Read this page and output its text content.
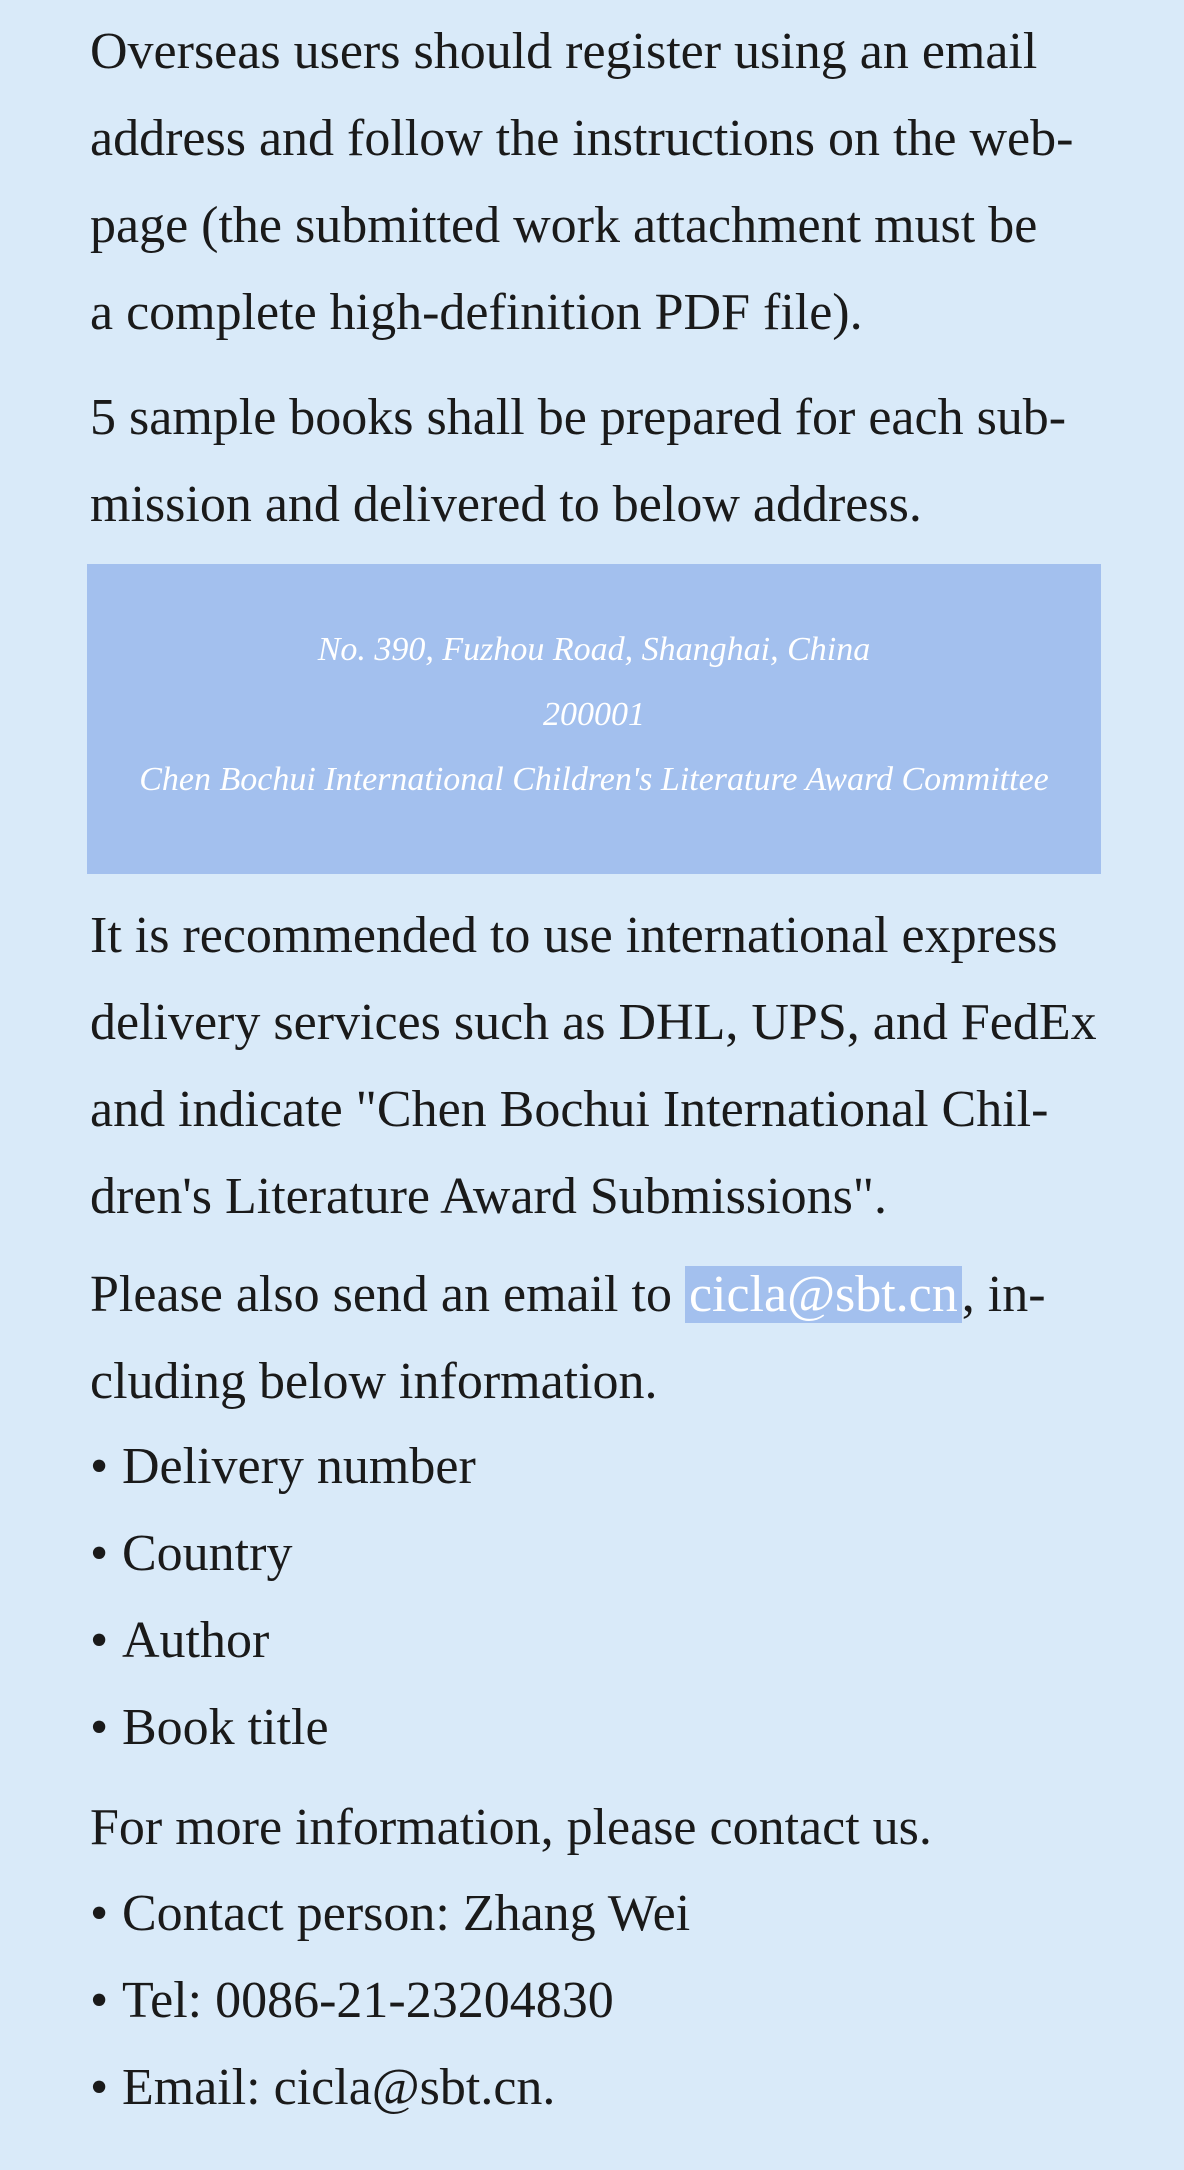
Overseas users should register using an email
address and follow the instructions on the web-
page (the submitted work attachment must be
a complete high-definition PDF file).

5 sample books shall be prepared for each sub-
mission and delivered to below address.

No. 390, Fuzhou Road, Shanghai, China
200001
Chen Bochui International Children's Literature Award Committee

It is recommended to use international express
delivery services such as DHL, UPS, and FedEx
and indicate "Chen Bochui International Chil-
dren's Literature Award Submissions".

Please also send an email to cicla@sbt.cn, in-
cluding below information.

• Delivery number
• Country
• Author
• Book title

For more information, please contact us.

• Contact person: Zhang Wei
• Tel: 0086-21-23204830
• Email: cicla@sbt.cn.
